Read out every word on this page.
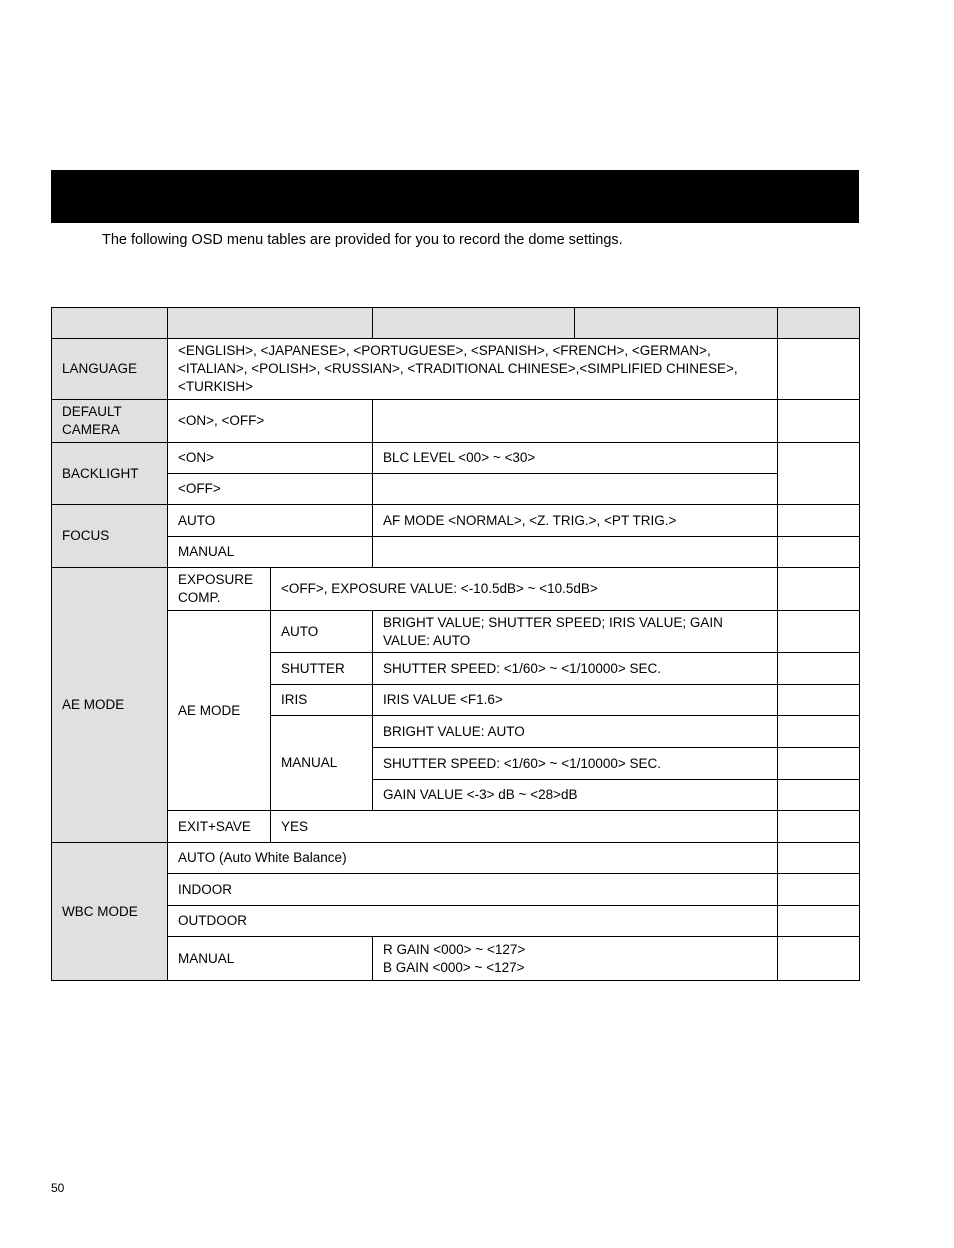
The following OSD menu tables are provided for you to record the dome settings.

LANGUAGE	<ENGLISH>, <JAPANESE>, <PORTUGUESE>, <SPANISH>, <FRENCH>, <GERMAN>, <ITALIAN>, <POLISH>, <RUSSIAN>, <TRADITIONAL CHINESE>,<SIMPLIFIED CHINESE>, <TURKISH>				
DEFAULT CAMERA	<ON>, <OFF>				
BACKLIGHT	<ON>		BLC LEVEL <00> ~ <30>		
	<OFF>				
FOCUS	AUTO		AF MODE <NORMAL>, <Z. TRIG.>, <PT TRIG.>		
	MANUAL				
AE MODE	EXPOSURE COMP.	<OFF>, EXPOSURE VALUE: <-10.5dB> ~ <10.5dB>			
	AE MODE	AUTO	BRIGHT VALUE; SHUTTER SPEED; IRIS VALUE; GAIN VALUE: AUTO		
		SHUTTER	SHUTTER SPEED: <1/60> ~ <1/10000> SEC.		
		IRIS	IRIS VALUE <F1.6>		
		MANUAL	BRIGHT VALUE: AUTO		
			SHUTTER SPEED: <1/60> ~ <1/10000> SEC.		
			GAIN VALUE <-3> dB ~ <28>dB		
	EXIT+SAVE	YES			
WBC MODE	AUTO (Auto White Balance)				
	INDOOR				
	OUTDOOR				
	MANUAL		R GAIN <000> ~ <127>
B GAIN <000> ~ <127>		

50
